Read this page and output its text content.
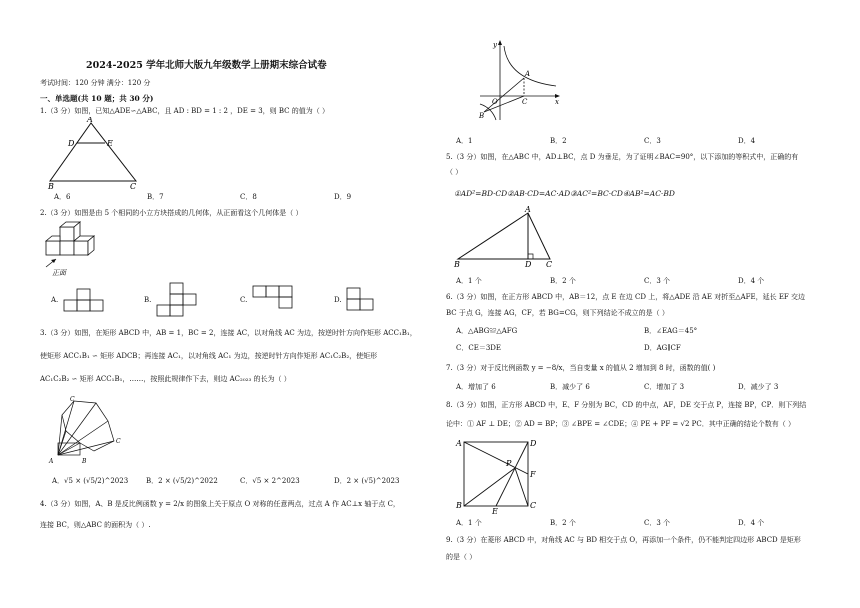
2024-2025 学年北师大版九年级数学上册期末综合试卷
考试时间：120 分钟 满分：120 分
一、单选题(共 10 题；共 30 分)
1.（3 分）如图，已知△ADE∽△ABC，且 AD : BD = 1 : 2 ，DE = 3，则 BC 的值为（ ）
A
D	E
B	C
A．6	B．7	C．8	D．9
2.（3 分）如图是由 5 个相同的小立方块搭成的几何体，从正面看这个几何体是（ ）
正面
A.	B.	C.	D.
3.（3 分）如图，在矩形 ABCD 中，AB = 1，BC = 2，连接 AC，以对角线 AC 为边，按逆时针方向作矩形 ACC₁B₁，
使矩形 ACC₁B₁ ∽ 矩形 ADCB；再连接 AC₁，以对角线 AC₁ 为边，按逆时针方向作矩形 AC₁C₂B₂，使矩形
AC₁C₂B₂ ∽ 矩形 ACC₁B₁，……，按照此规律作下去，则边 AC₂₀₂₃ 的长为（ ）
C
A	B
C
A．√5 × (√5/2)^2023	B．2 × (√5/2)^2022	C．√5 × 2^2023	D．2 × (√5)^2023
4.（3 分）如图，A、B 是反比例函数 y = 2/x 的图象上关于原点 O 对称的任意两点，过点 A 作 AC⊥x 轴于点 C，
连接 BC，则△ABC 的面积为（ ）.
y
A
O	C	x
B
A．1	B．2	C．3	D．4
5.（3 分）如图，在△ABC 中，AD⊥BC，点 D 为垂足，为了证明∠BAC=90°，以下添加的等积式中，正确的有
（ ）
①AD²=BD·CD②AB·CD=AC·AD③AC²=BC·CD④AB²=AC·BD
A
B	D C
A．1 个	B．2 个	C．3 个	D．4 个
6.（3 分）如图，在正方形 ABCD 中，AB＝12，点 E 在边 CD 上，将△ADE 沿 AE 对折至△AFE，延长 EF 交边
BC 于点 G，连接 AG，CF，若 BG=CG，则下列结论不成立的是（ ）
A．△ABG≌△AFG	B．∠EAG＝45°
C．CE＝3DE	D．AG∥CF
7.（3 分）对于反比例函数 y = −8/x，当自变量 x 的值从 2 增加到 8 时，函数的值( )
A．增加了 6	B．减少了 6	C．增加了 3	D．减少了 3
8.（3 分）如图，正方形 ABCD 中，E、F 分别为 BC，CD 的中点，AF，DE 交于点 P，连接 BP，CP．则下列结
论中：① AF ⊥ DE；② AD = BP；③ ∠BPE = ∠CDE；④ PE + PF = √2 PC．其中正确的结论个数有（ ）
A	D
P
F
B
E
C
A．1 个	B．2 个	C．3 个	D．4 个
9.（3 分）在菱形 ABCD 中，对角线 AC 与 BD 相交于点 O，再添加一个条件，仍不能判定四边形 ABCD 是矩形
的是（ ）
